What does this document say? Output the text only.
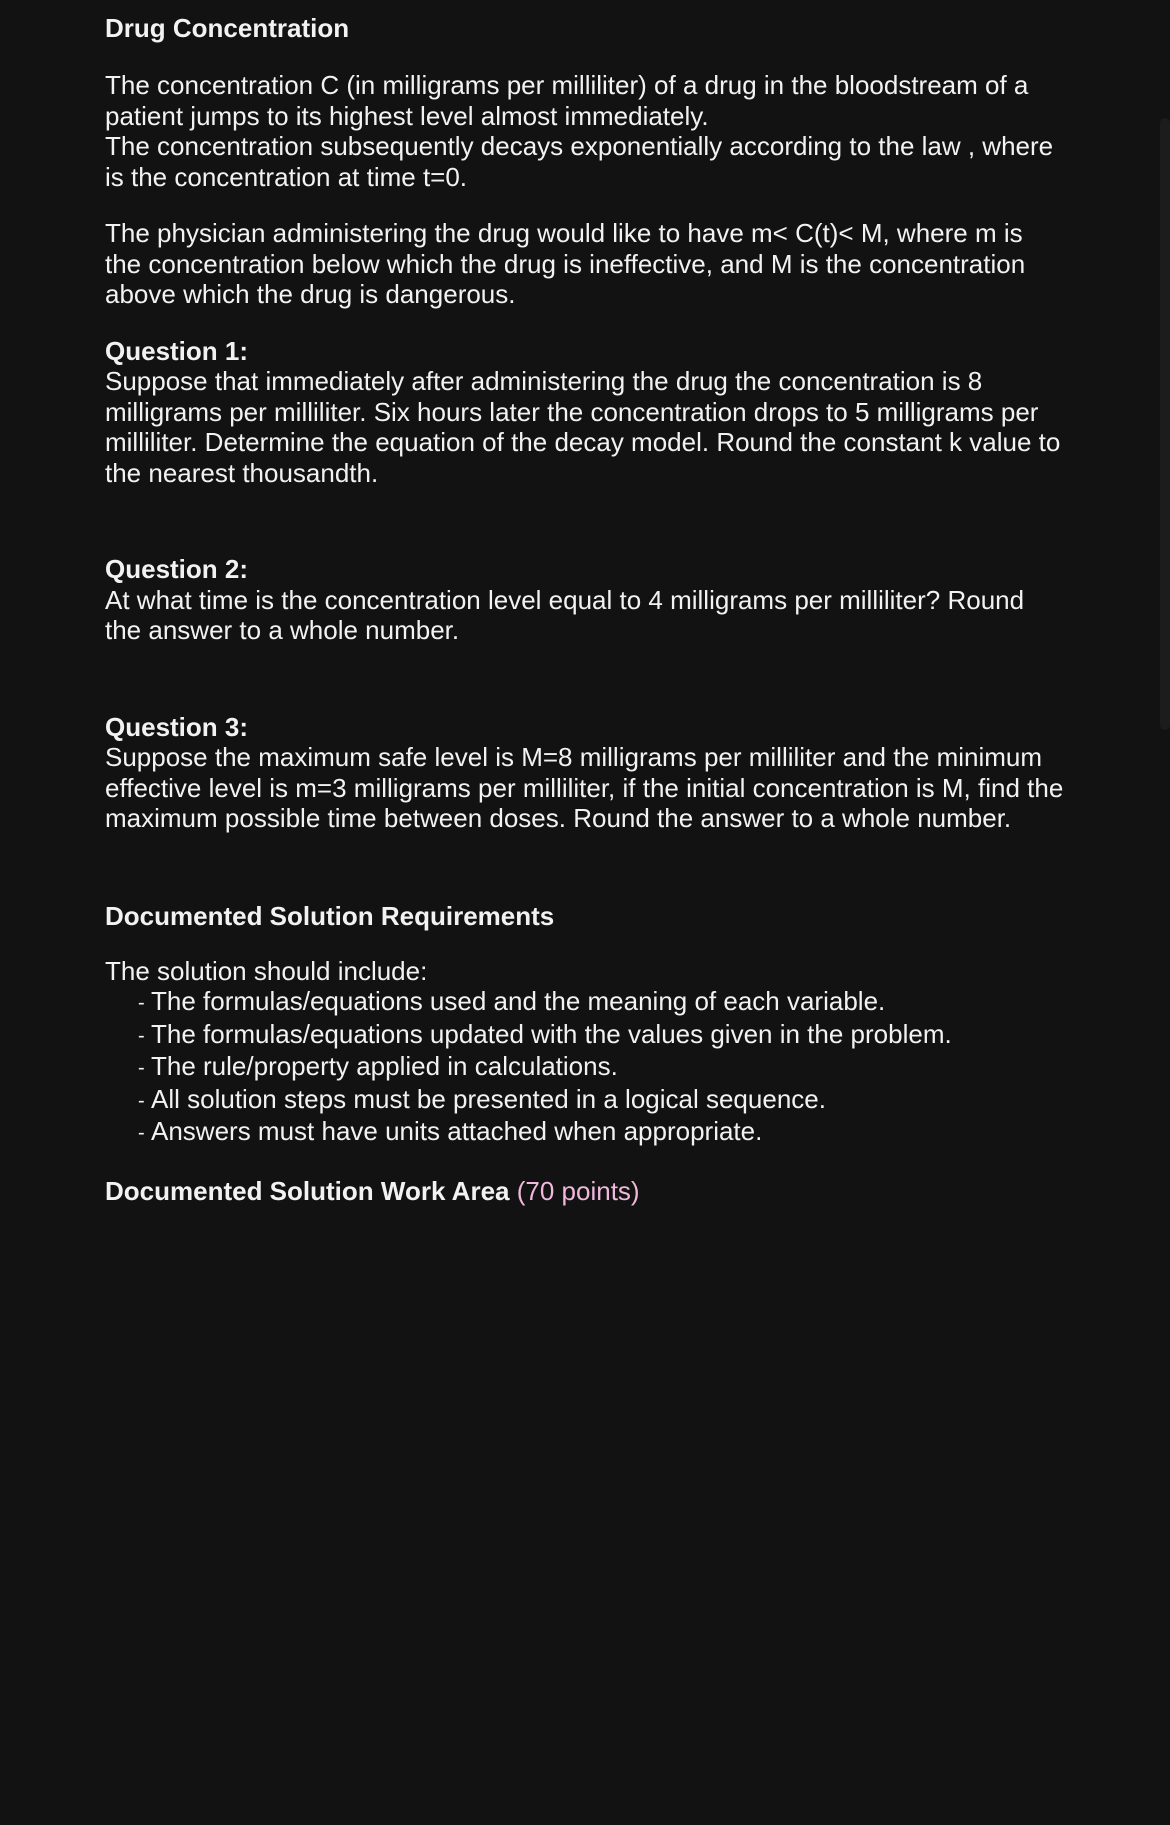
Drug Concentration

The concentration C (in milligrams per milliliter) of a drug in the bloodstream of a patient jumps to its highest level almost immediately.

The concentration subsequently decays exponentially according to the law , where is the concentration at time t=0.

The physician administering the drug would like to have m< C(t)< M, where m is the concentration below which the drug is ineffective, and M is the concentration above which the drug is dangerous.

Question 1:

Suppose that immediately after administering the drug the concentration is 8 milligrams per milliliter. Six hours later the concentration drops to 5 milligrams per milliliter. Determine the equation of the decay model. Round the constant k value to the nearest thousandth.

Question 2:

At what time is the concentration level equal to 4 milligrams per milliliter? Round the answer to a whole number.

Question 3:

Suppose the maximum safe level is M=8 milligrams per milliliter and the minimum effective level is m=3 milligrams per milliliter, if the initial concentration is M, find the maximum possible time between doses. Round the answer to a whole number.

Documented Solution Requirements
The solution should include:
- The formulas/equations used and the meaning of each variable.
- The formulas/equations updated with the values given in the problem.
- The rule/property applied in calculations.
- All solution steps must be presented in a logical sequence.
- Answers must have units attached when appropriate.
Documented Solution Work Area (70 points)
